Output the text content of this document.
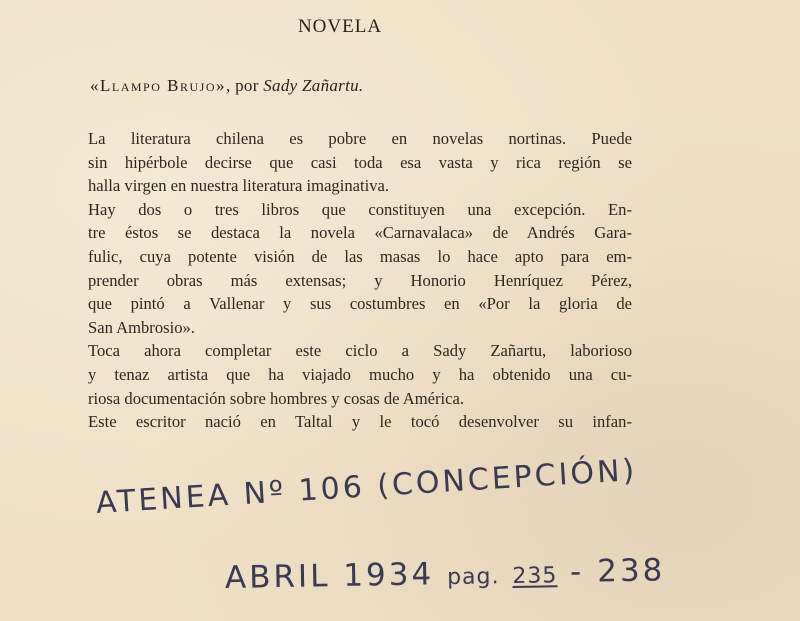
NOVELA
«Llampo Brujo», por Sady Zañartu.
La literatura chilena es pobre en novelas nortinas. Puede
sin hipérbole decirse que casi toda esa vasta y rica región se
halla virgen en nuestra literatura imaginativa.
Hay dos o tres libros que constituyen una excepción. En-
tre éstos se destaca la novela «Carnavalaca» de Andrés Gara-
fulic, cuya potente visión de las masas lo hace apto para em-
prender obras más extensas; y Honorio Henríquez Pérez,
que pintó a Vallenar y sus costumbres en «Por la gloria de
San Ambrosio».
Toca ahora completar este ciclo a Sady Zañartu, laborioso
y tenaz artista que ha viajado mucho y ha obtenido una cu-
riosa documentación sobre hombres y cosas de América.
Este escritor nació en Taltal y le tocó desenvolver su infan-
ATENEA Nº 106 (CONCEPCIÓN)
ABRIL 1934 pag. 235 - 238
